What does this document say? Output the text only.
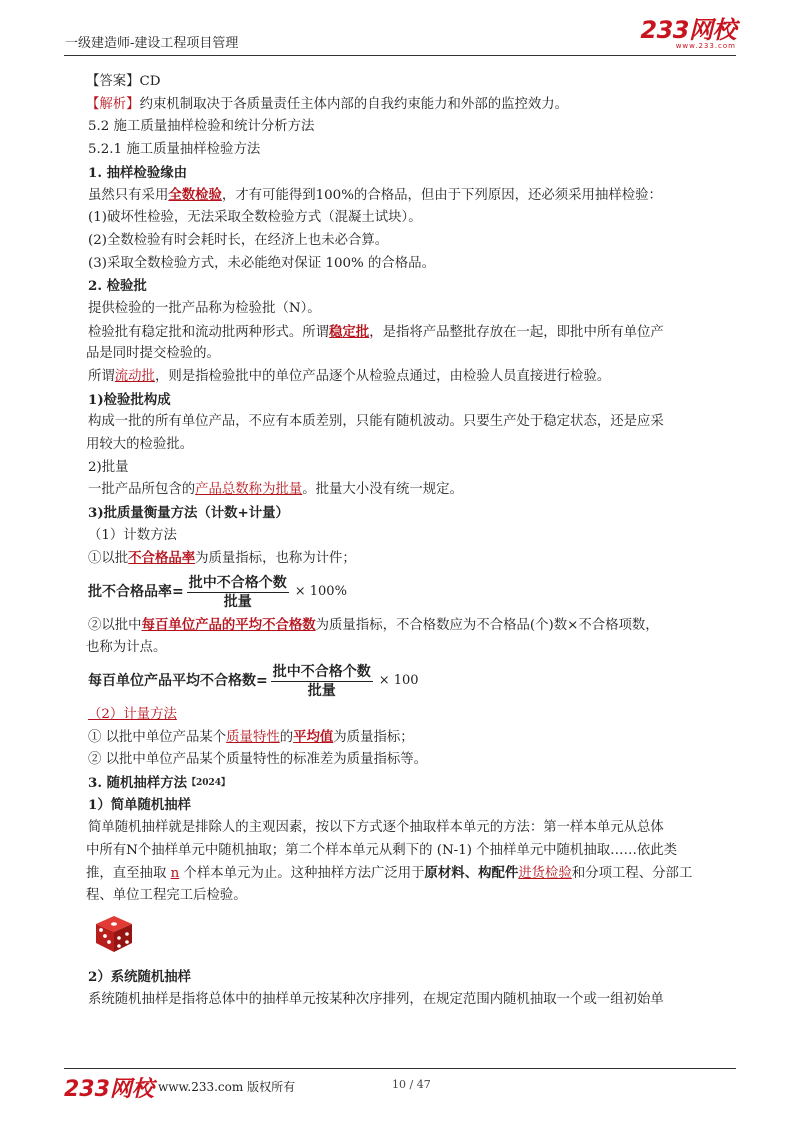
一级建造师-建设工程项目管理	233网校
www.233.com
【答案】CD
【解析】约束机制取决于各质量责任主体内部的自我约束能力和外部的监控效力。
5.2 施工质量抽样检验和统计分析方法
5.2.1 施工质量抽样检验方法
1. 抽样检验缘由
虽然只有采用全数检验，才有可能得到100%的合格品，但由于下列原因，还必须采用抽样检验：
(1)破坏性检验，无法采取全数检验方式（混凝土试块）。
(2)全数检验有时会耗时长，在经济上也未必合算。
(3)采取全数检验方式，未必能绝对保证 100% 的合格品。
2. 检验批
提供检验的一批产品称为检验批（N）。
检验批有稳定批和流动批两种形式。所谓稳定批，是指将产品整批存放在一起，即批中所有单位产
品是同时提交检验的。
所谓流动批，则是指检验批中的单位产品逐个从检验点通过，由检验人员直接进行检验。
1)检验批构成
构成一批的所有单位产品，不应有本质差别，只能有随机波动。只要生产处于稳定状态，还是应采
用较大的检验批。
2)批量
一批产品所包含的产品总数称为批量。批量大小没有统一规定。
3)批质量衡量方法（计数+计量）
（1）计数方法
①以批不合格品率为质量指标，也称为计件；
批不合格品率= $\frac{\text{批中不合格个数}}{\text{批量}} \times 100\%$
②以批中每百单位产品的平均不合格数为质量指标，不合格数应为不合格品(个)数×不合格项数，
也称为计点。
每百单位产品平均不合格数= $\frac{\text{批中不合格个数}}{\text{批量}} \times 100$
（2）计量方法
① 以批中单位产品某个质量特性的平均值为质量指标；
② 以批中单位产品某个质量特性的标准差为质量指标等。
3. 随机抽样方法$^{【2024】}$
1）简单随机抽样
简单随机抽样就是排除人的主观因素，按以下方式逐个抽取样本单元的方法：第一样本单元从总体
中所有N个抽样单元中随机抽取；第二个样本单元从剩下的 (N-1) 个抽样单元中随机抽取……依此类
推，直至抽取 n 个样本单元为止。这种抽样方法广泛用于原材料、构配件进货检验和分项工程、分部工
程、单位工程完工后检验。
2）系统随机抽样
系统随机抽样是指将总体中的抽样单元按某种次序排列，在规定范围内随机抽取一个或一组初始单
233网校 www.233.com 版权所有	10 / 47
